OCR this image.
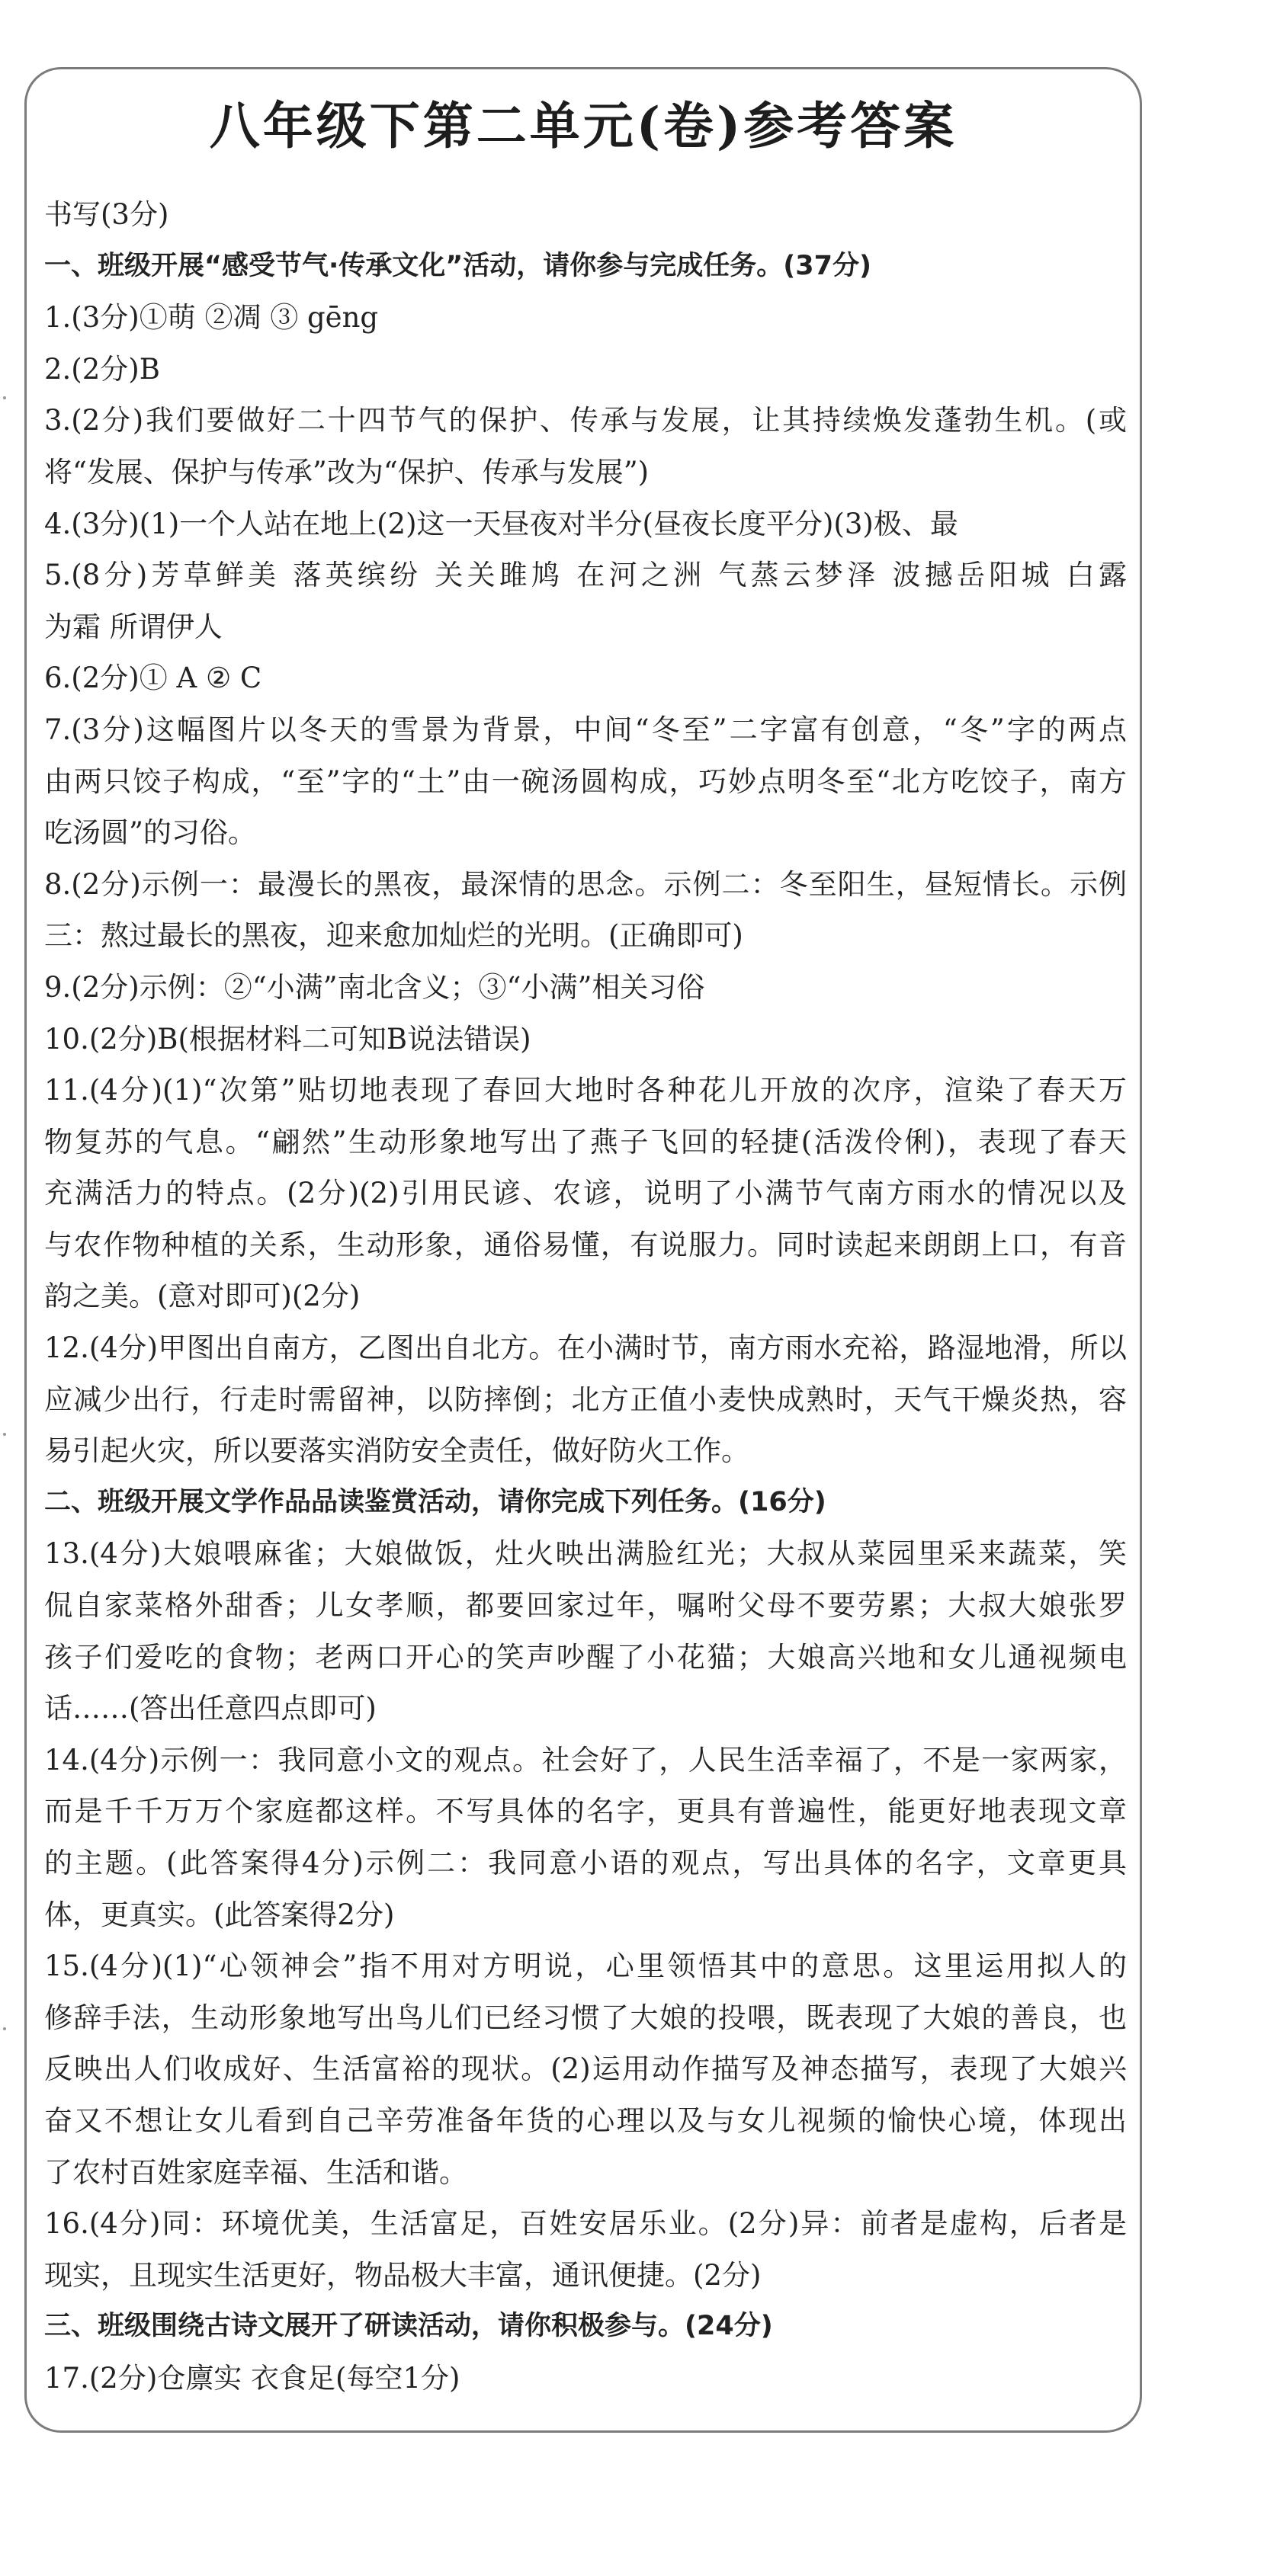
八年级下第二单元(卷)参考答案
书写(3分)
一、班级开展“感受节气·传承文化”活动，请你参与完成任务。(37分)
1.(3分)①萌 ②凋 ③ gēng
2.(2分)B
3.(2分)我们要做好二十四节气的保护、传承与发展，让其持续焕发蓬勃生机。(或
将“发展、保护与传承”改为“保护、传承与发展”)
4.(3分)(1)一个人站在地上(2)这一天昼夜对半分(昼夜长度平分)(3)极、最
5.(8分)芳草鲜美 落英缤纷 关关雎鸠 在河之洲 气蒸云梦泽 波撼岳阳城 白露
为霜 所谓伊人
6.(2分)① A ② C
7.(3分)这幅图片以冬天的雪景为背景，中间“冬至”二字富有创意，“冬”字的两点
由两只饺子构成，“至”字的“土”由一碗汤圆构成，巧妙点明冬至“北方吃饺子，南方
吃汤圆”的习俗。
8.(2分)示例一：最漫长的黑夜，最深情的思念。示例二：冬至阳生，昼短情长。示例
三：熬过最长的黑夜，迎来愈加灿烂的光明。(正确即可)
9.(2分)示例：②“小满”南北含义；③“小满”相关习俗
10.(2分)B(根据材料二可知B说法错误)
11.(4分)(1)“次第”贴切地表现了春回大地时各种花儿开放的次序，渲染了春天万
物复苏的气息。“翩然”生动形象地写出了燕子飞回的轻捷(活泼伶俐)，表现了春天
充满活力的特点。(2分)(2)引用民谚、农谚，说明了小满节气南方雨水的情况以及
与农作物种植的关系，生动形象，通俗易懂，有说服力。同时读起来朗朗上口，有音
韵之美。(意对即可)(2分)
12.(4分)甲图出自南方，乙图出自北方。在小满时节，南方雨水充裕，路湿地滑，所以
应减少出行，行走时需留神，以防摔倒；北方正值小麦快成熟时，天气干燥炎热，容
易引起火灾，所以要落实消防安全责任，做好防火工作。
二、班级开展文学作品品读鉴赏活动，请你完成下列任务。(16分)
13.(4分)大娘喂麻雀；大娘做饭，灶火映出满脸红光；大叔从菜园里采来蔬菜，笑
侃自家菜格外甜香；儿女孝顺，都要回家过年，嘱咐父母不要劳累；大叔大娘张罗
孩子们爱吃的食物；老两口开心的笑声吵醒了小花猫；大娘高兴地和女儿通视频电
话……(答出任意四点即可)
14.(4分)示例一：我同意小文的观点。社会好了，人民生活幸福了，不是一家两家，
而是千千万万个家庭都这样。不写具体的名字，更具有普遍性，能更好地表现文章
的主题。(此答案得4分)示例二：我同意小语的观点，写出具体的名字，文章更具
体，更真实。(此答案得2分)
15.(4分)(1)“心领神会”指不用对方明说，心里领悟其中的意思。这里运用拟人的
修辞手法，生动形象地写出鸟儿们已经习惯了大娘的投喂，既表现了大娘的善良，也
反映出人们收成好、生活富裕的现状。(2)运用动作描写及神态描写，表现了大娘兴
奋又不想让女儿看到自己辛劳准备年货的心理以及与女儿视频的愉快心境，体现出
了农村百姓家庭幸福、生活和谐。
16.(4分)同：环境优美，生活富足，百姓安居乐业。(2分)异：前者是虚构，后者是
现实，且现实生活更好，物品极大丰富，通讯便捷。(2分)
三、班级围绕古诗文展开了研读活动，请你积极参与。(24分)
17.(2分)仓廪实 衣食足(每空1分)
